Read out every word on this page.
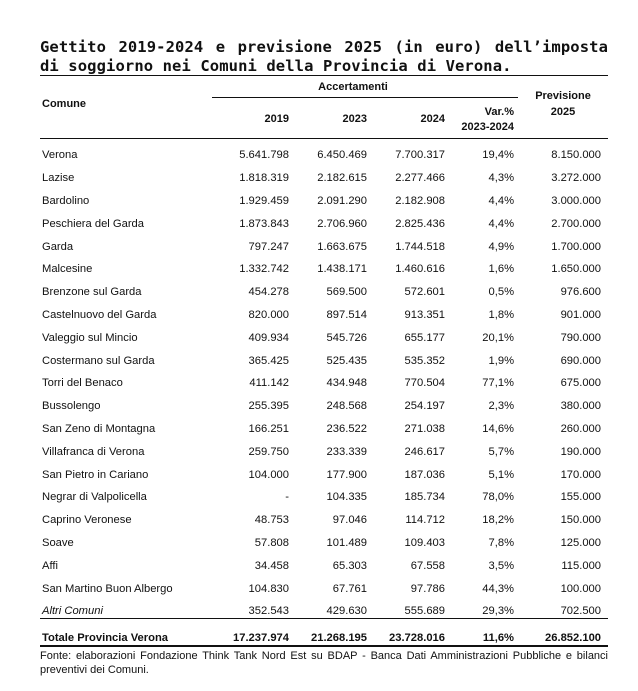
Gettito 2019-2024 e previsione 2025 (in euro) dell’imposta di soggiorno nei Comuni della Provincia di Verona.
Comune	Accertamenti				Previsione
2025

	2019	2023	2024	Var.%
2023-2024	

Verona	5.641.798	6.450.469	7.700.317	19,4%	8.150.000
Lazise	1.818.319	2.182.615	2.277.466	4,3%	3.272.000
Bardolino	1.929.459	2.091.290	2.182.908	4,4%	3.000.000
Peschiera del Garda	1.873.843	2.706.960	2.825.436	4,4%	2.700.000
Garda	797.247	1.663.675	1.744.518	4,9%	1.700.000
Malcesine	1.332.742	1.438.171	1.460.616	1,6%	1.650.000
Brenzone sul Garda	454.278	569.500	572.601	0,5%	976.600
Castelnuovo del Garda	820.000	897.514	913.351	1,8%	901.000
Valeggio sul Mincio	409.934	545.726	655.177	20,1%	790.000
Costermano sul Garda	365.425	525.435	535.352	1,9%	690.000
Torri del Benaco	411.142	434.948	770.504	77,1%	675.000
Bussolengo	255.395	248.568	254.197	2,3%	380.000
San Zeno di Montagna	166.251	236.522	271.038	14,6%	260.000
Villafranca di Verona	259.750	233.339	246.617	5,7%	190.000
San Pietro in Cariano	104.000	177.900	187.036	5,1%	170.000
Negrar di Valpolicella	-	104.335	185.734	78,0%	155.000
Caprino Veronese	48.753	97.046	114.712	18,2%	150.000
Soave	57.808	101.489	109.403	7,8%	125.000
Affi	34.458	65.303	67.558	3,5%	115.000
San Martino Buon Albergo	104.830	67.761	97.786	44,3%	100.000
Altri Comuni	352.543	429.630	555.689	29,3%	702.500
Totale Provincia Verona	17.237.974	21.268.195	23.728.016	11,6%	26.852.100
Fonte: elaborazioni Fondazione Think Tank Nord Est su BDAP - Banca Dati Amministrazioni Pubbliche e bilanci preventivi dei Comuni.
